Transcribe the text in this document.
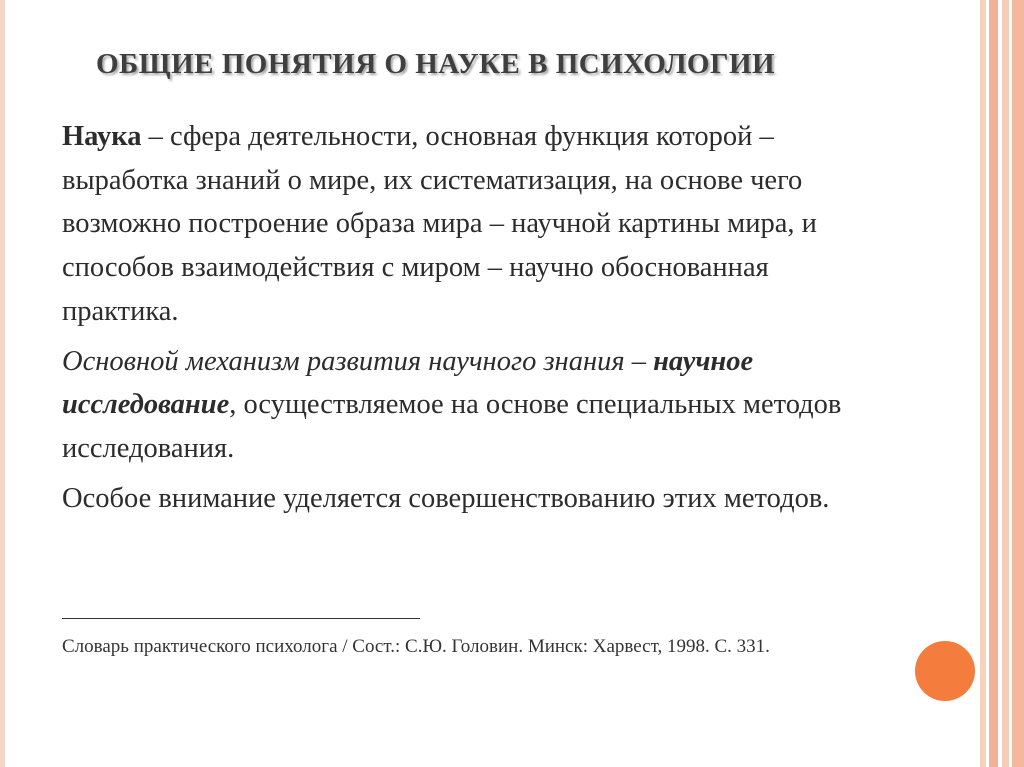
ОБЩИЕ ПОНЯТИЯ О НАУКЕ В ПСИХОЛОГИИ

Наука – сфера деятельности, основная функция которой – выработка знаний о мире, их систематизация, на основе чего возможно построение образа мира – научной картины мира, и способов взаимодействия с миром – научно обоснованная практика.

Основной механизм развития научного знания – научное исследование, осуществляемое на основе специальных методов исследования.

Особое внимание уделяется совершенствованию этих методов.

Словарь практического психолога / Сост.: С.Ю. Головин. Минск: Харвест, 1998. С. 331.
